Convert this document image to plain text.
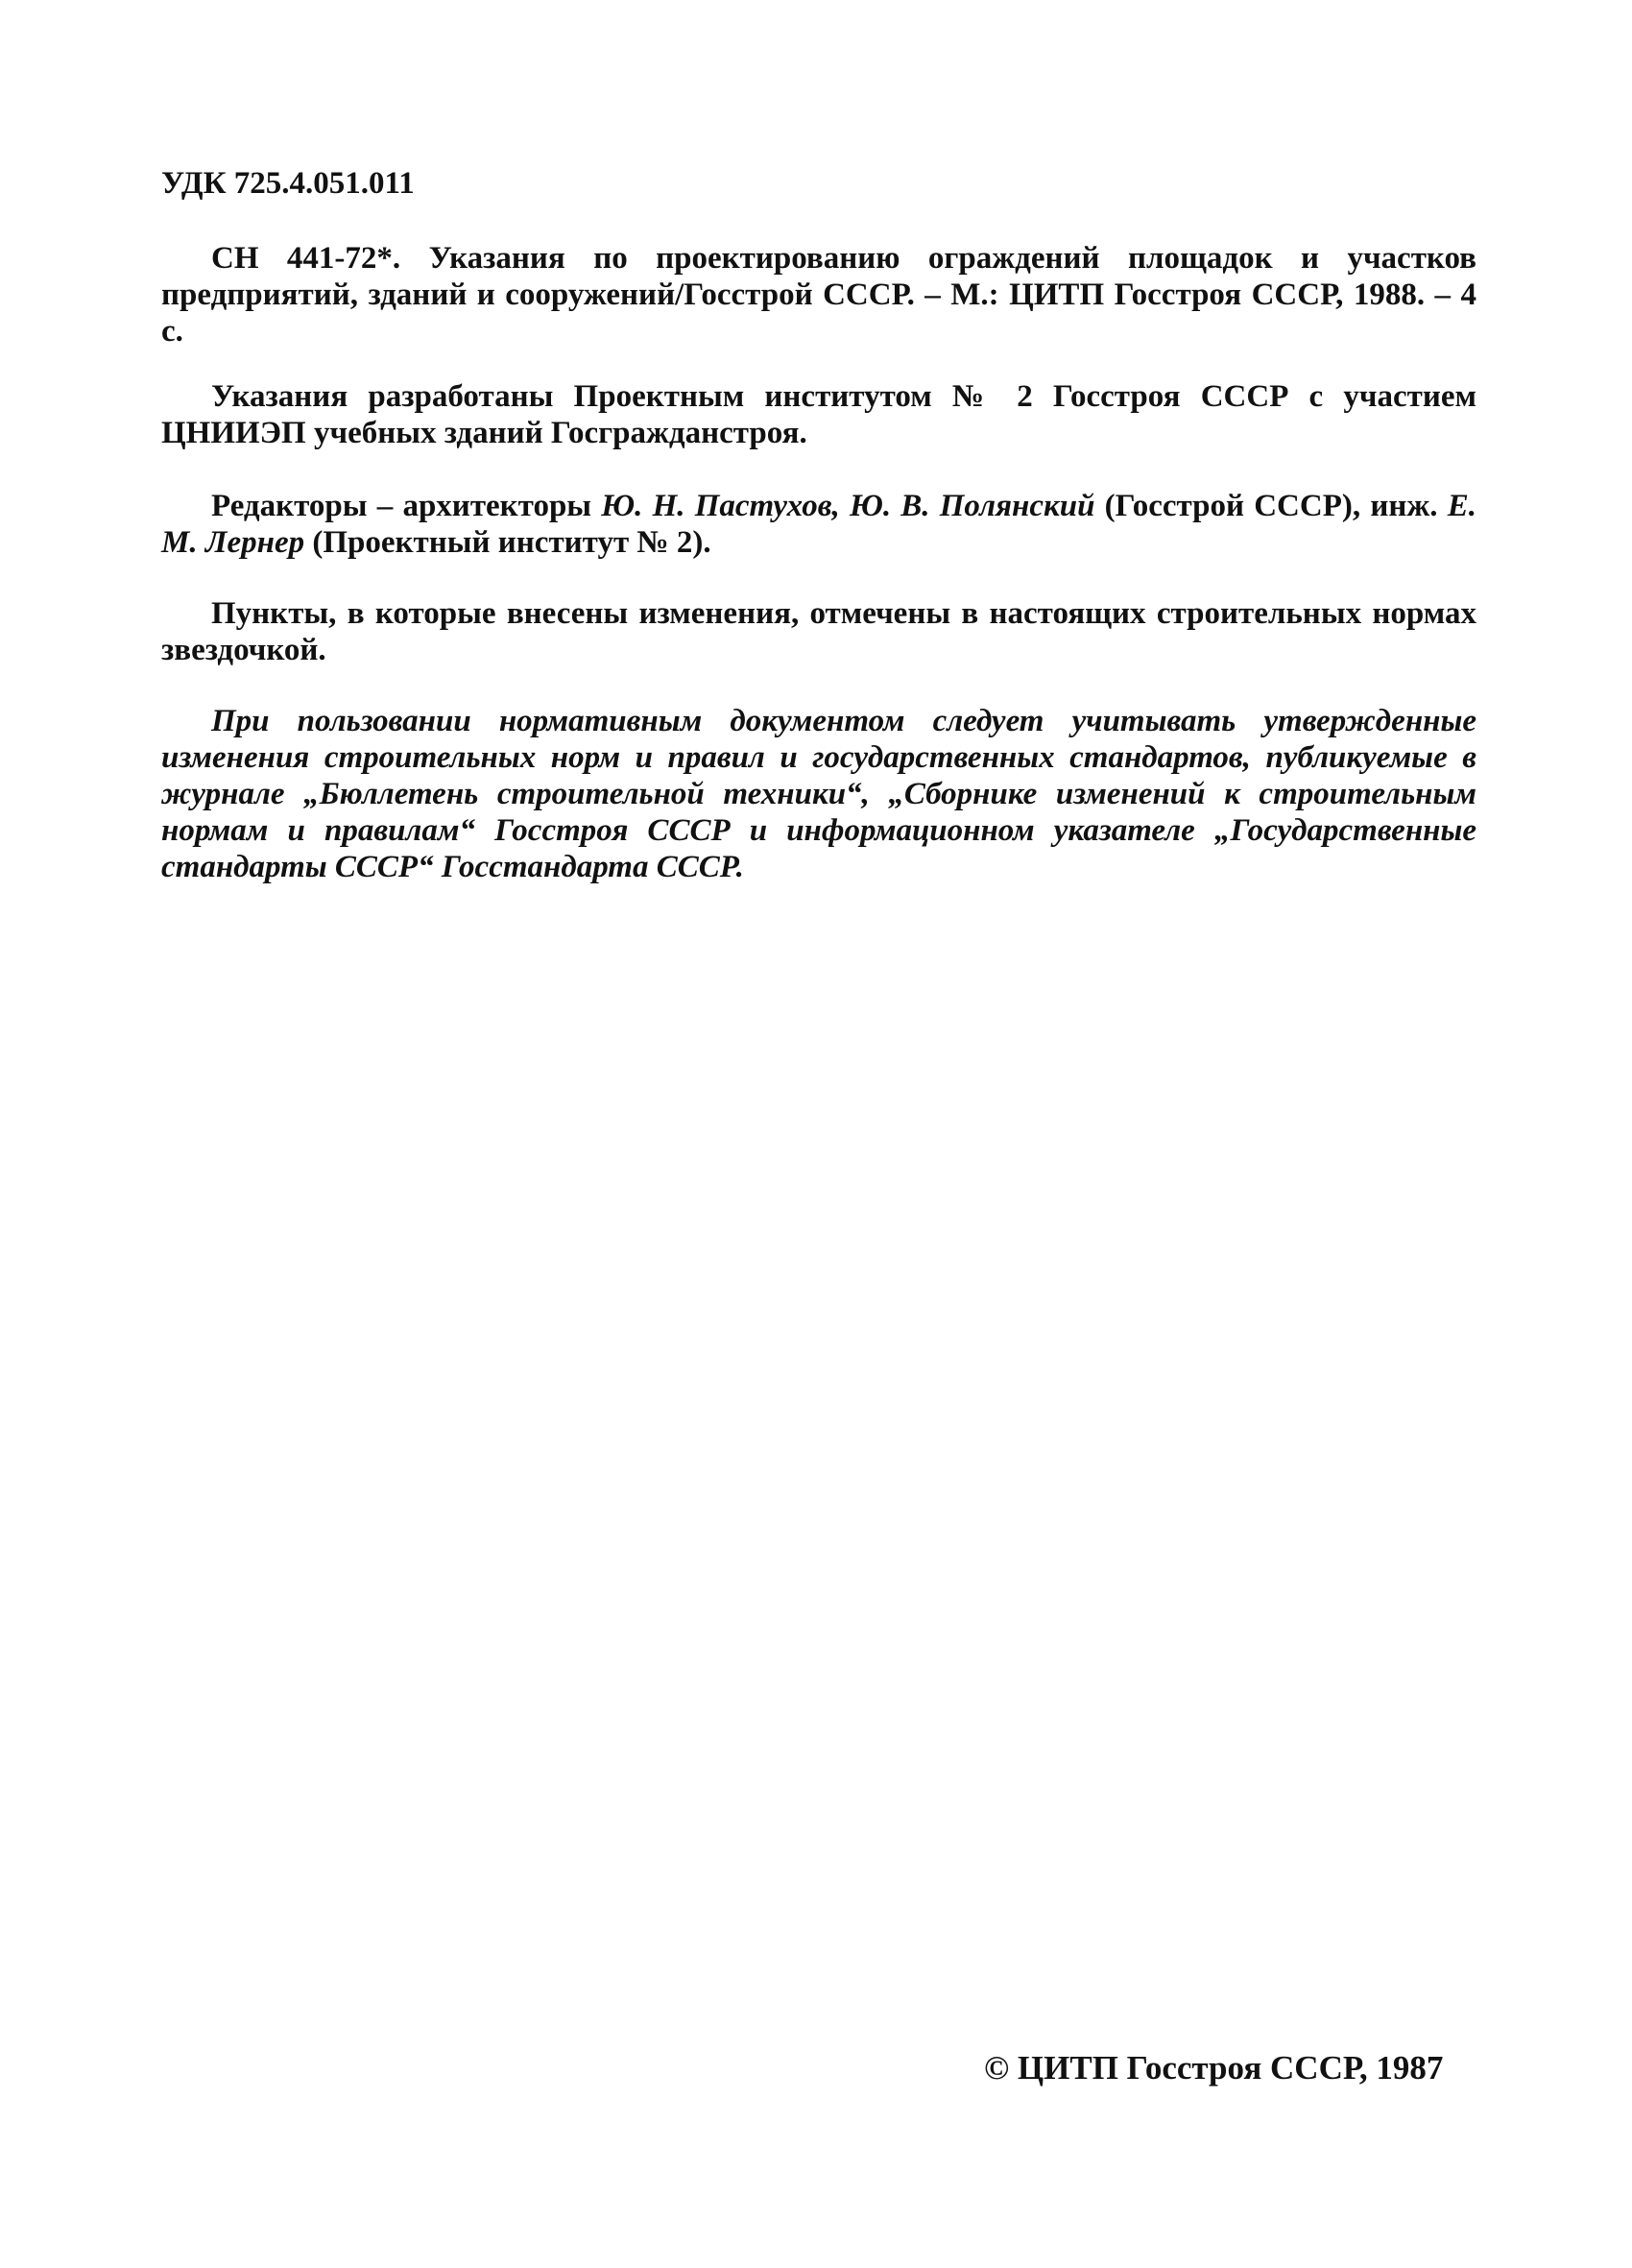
УДК 725.4.051.011
СН 441-72*. Указания по проектированию ограждений площадок и участков предприятий, зданий и сооружений/Госстрой СССР. – М.: ЦИТП Госстроя СССР, 1988. – 4 с.
Указания разработаны Проектным институтом № 2 Госстроя СССР с участием ЦНИИЭП учебных зданий Госгражданстроя.
Редакторы – архитекторы Ю. Н. Пастухов, Ю. В. Полянский (Госстрой СССР), инж. Е. М. Лернер (Проектный институт № 2).
Пункты, в которые внесены изменения, отмечены в настоящих строительных нормах звездочкой.
При пользовании нормативным документом следует учитывать утвержденные изменения строительных норм и правил и государственных стандартов, публикуемые в журнале „Бюллетень строительной техники“, „Сборнике изменений к строительным нормам и правилам“ Госстроя СССР и информационном указателе „Государственные стандарты СССР“ Госстандарта СССР.
© ЦИТП Госстроя СССР, 1987
